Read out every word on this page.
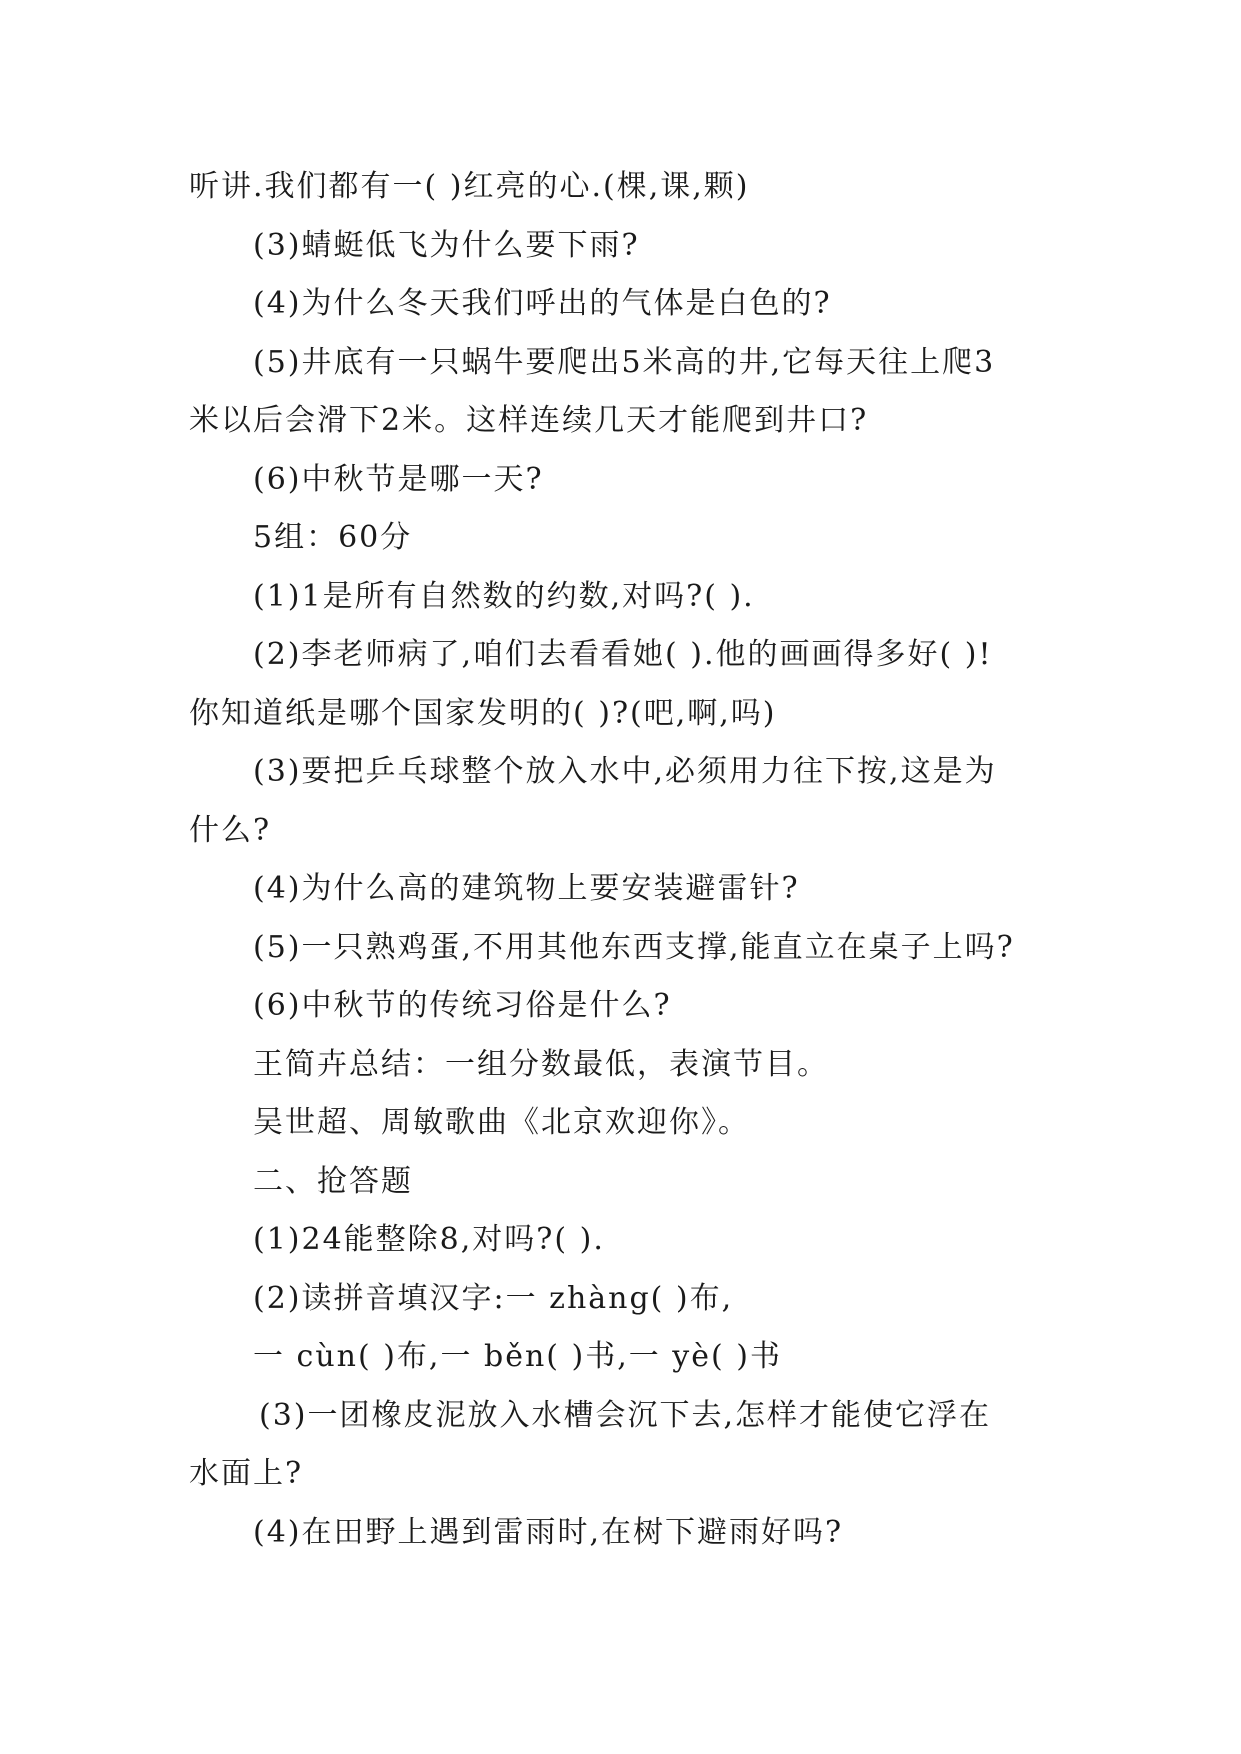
听讲.我们都有一( )红亮的心.(棵,课,颗)
(3)蜻蜓低飞为什么要下雨?
(4)为什么冬天我们呼出的气体是白色的?
(5)井底有一只蜗牛要爬出5米高的井,它每天往上爬3
米以后会滑下2米。这样连续几天才能爬到井口?
(6)中秋节是哪一天?
5组：60分
(1)1是所有自然数的约数,对吗?( ).
(2)李老师病了,咱们去看看她( ).他的画画得多好( )!
你知道纸是哪个国家发明的( )?(吧,啊,吗)
(3)要把乒乓球整个放入水中,必须用力往下按,这是为
什么?
(4)为什么高的建筑物上要安装避雷针?
(5)一只熟鸡蛋,不用其他东西支撑,能直立在桌子上吗?
(6)中秋节的传统习俗是什么?
王简卉总结：一组分数最低，表演节目。
吴世超、周敏歌曲《北京欢迎你》。
二、抢答题
(1)24能整除8,对吗?( ).
(2)读拼音填汉字:一 zhàng( )布,
一 cùn( )布,一 běn( )书,一 yè( )书
(3)一团橡皮泥放入水槽会沉下去,怎样才能使它浮在
水面上?
(4)在田野上遇到雷雨时,在树下避雨好吗?
